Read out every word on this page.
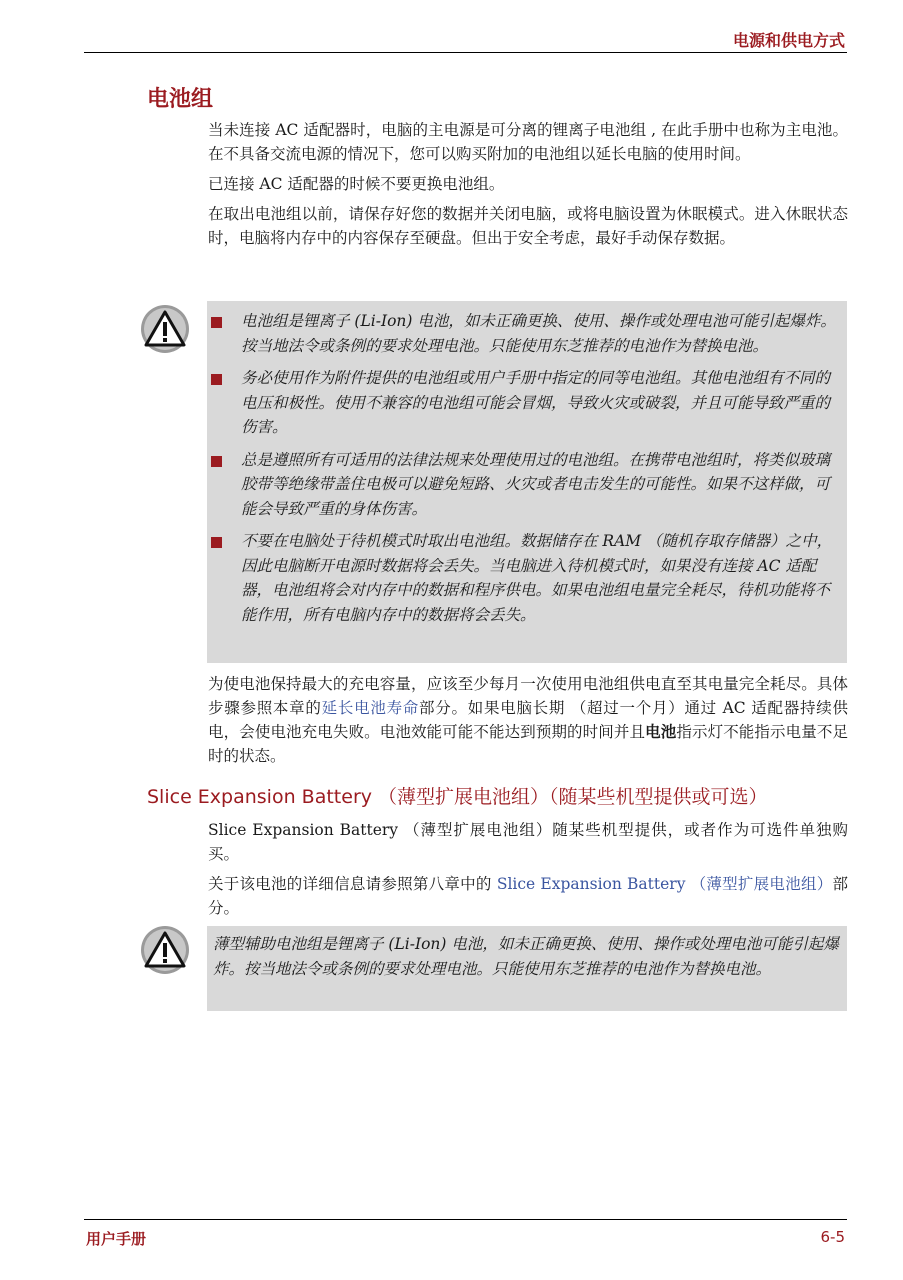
电源和供电方式
电池组

当未连接 AC 适配器时，电脑的主电源是可分离的锂离子电池组 , 在此手册中也称为主电池。在不具备交流电源的情况下，您可以购买附加的电池组以延长电脑的使用时间。

已连接 AC 适配器的时候不要更换电池组。

在取出电池组以前，请保存好您的数据并关闭电脑，或将电脑设置为休眠模式。进入休眠状态时，电脑将内存中的内容保存至硬盘。但出于安全考虑，最好手动保存数据。

电池组是锂离子 (Li-Ion) 电池，如未正确更换、使用、操作或处理电池可能引起爆炸。按当地法令或条例的要求处理电池。只能使用东芝推荐的电池作为替换电池。
务必使用作为附件提供的电池组或用户手册中指定的同等电池组。其他电池组有不同的电压和极性。使用不兼容的电池组可能会冒烟，导致火灾或破裂，并且可能导致严重的伤害。
总是遵照所有可适用的法律法规来处理使用过的电池组。在携带电池组时，将类似玻璃胶带等绝缘带盖住电极可以避免短路、火灾或者电击发生的可能性。如果不这样做，可能会导致严重的身体伤害。
不要在电脑处于待机模式时取出电池组。数据储存在 RAM （随机存取存储器）之中，因此电脑断开电源时数据将会丢失。当电脑进入待机模式时，如果没有连接 AC 适配器，电池组将会对内存中的数据和程序供电。如果电池组电量完全耗尽，待机功能将不能作用，所有电脑内存中的数据将会丢失。

为使电池保持最大的充电容量，应该至少每月一次使用电池组供电直至其电量完全耗尽。具体步骤参照本章的延长电池寿命部分。如果电脑长期 （超过一个月）通过 AC 适配器持续供电，会使电池充电失败。电池效能可能不能达到预期的时间并且电池指示灯不能指示电量不足时的状态。

Slice Expansion Battery （薄型扩展电池组）（随某些机型提供或可选）

Slice Expansion Battery （薄型扩展电池组）随某些机型提供，或者作为可选件单独购买。

关于该电池的详细信息请参照第八章中的 Slice Expansion Battery （薄型扩展电池组）部分。

薄型辅助电池组是锂离子 (Li-Ion) 电池，如未正确更换、使用、操作或处理电池可能引起爆炸。按当地法令或条例的要求处理电池。只能使用东芝推荐的电池作为替换电池。
用户手册	6-5
